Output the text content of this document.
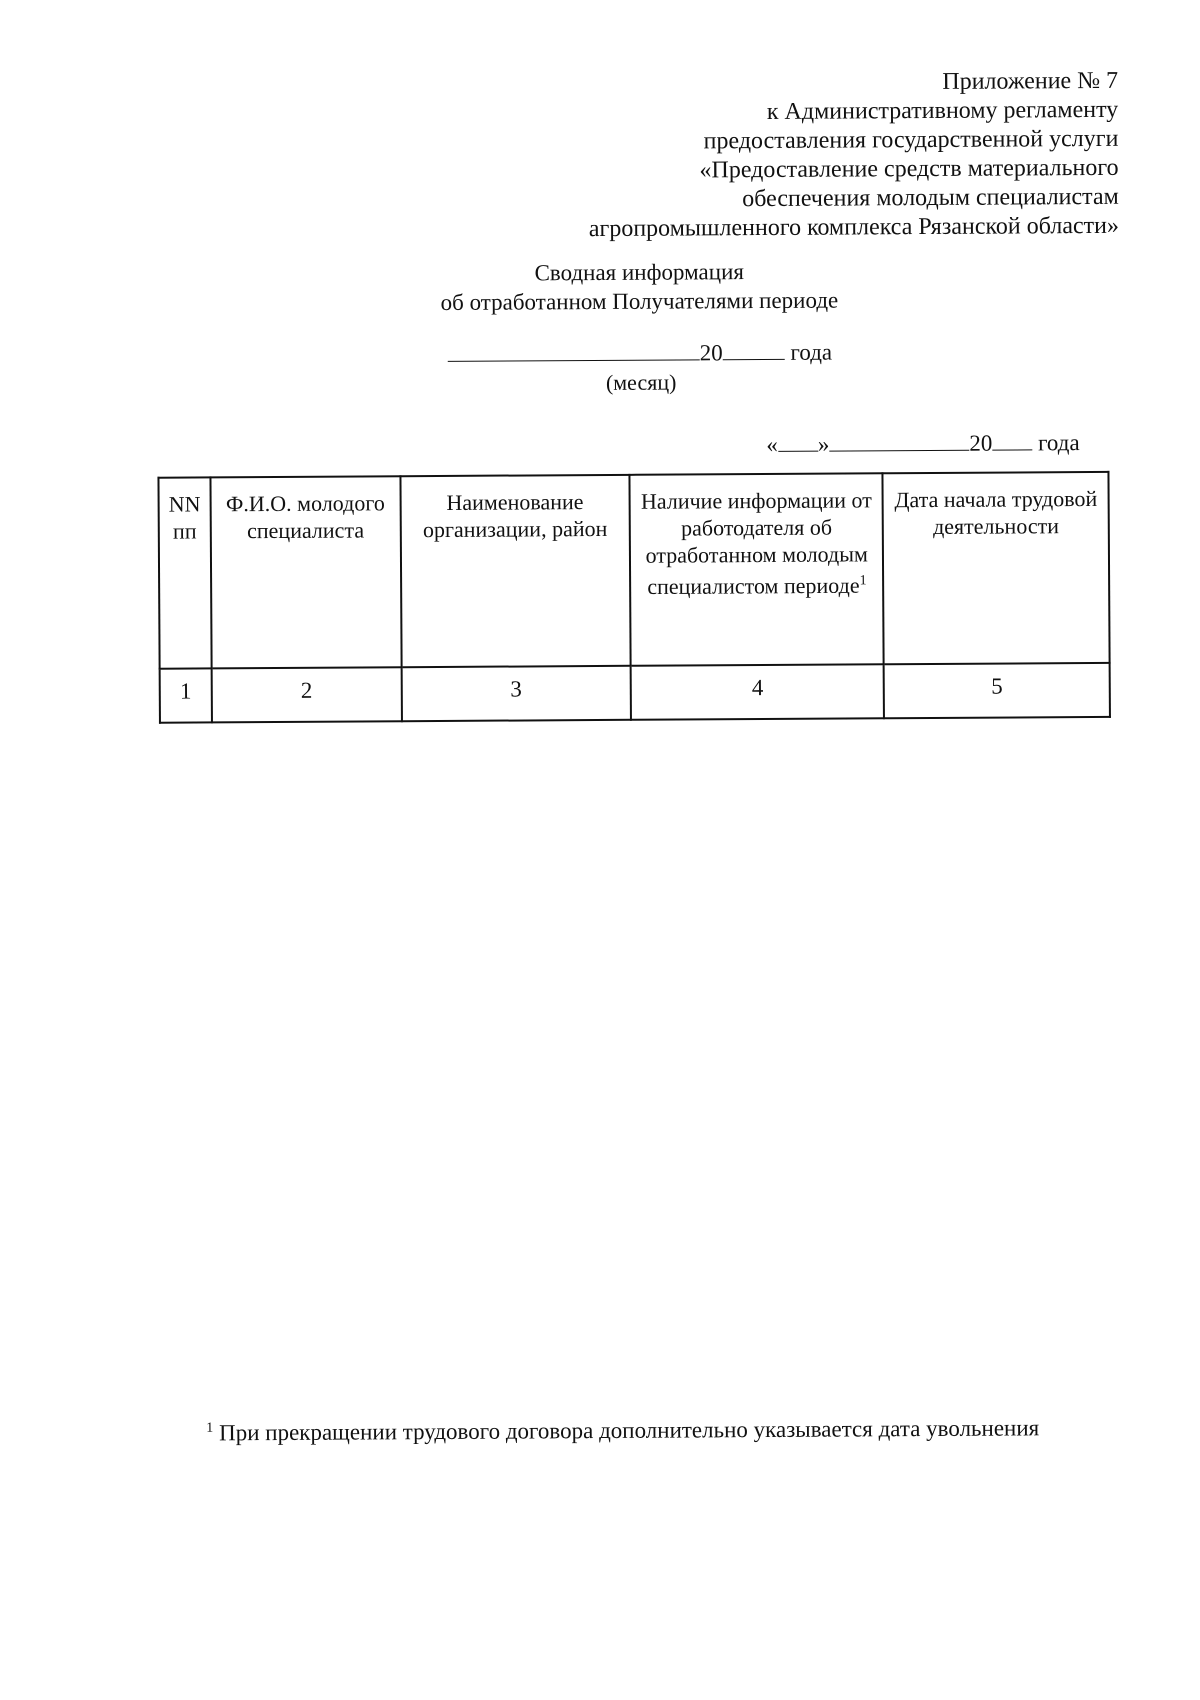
Приложение № 7
к Административному регламенту
предоставления государственной услуги
«Предоставление средств материального
обеспечения молодым специалистам
агропромышленного комплекса Рязанской области»
Сводная информация
об отработанном Получателями периоде
20	года
(месяц)
« »	20 года
NN пп	Ф.И.О. молодого специалиста	Наименование организации, район	Наличие информации от работодателя об отработанном молодым специалистом периоде$^1$	Дата начала трудовой деятельности
1	2	3	4	5
$^1$ При прекращении трудового договора дополнительно указывается дата увольнения
